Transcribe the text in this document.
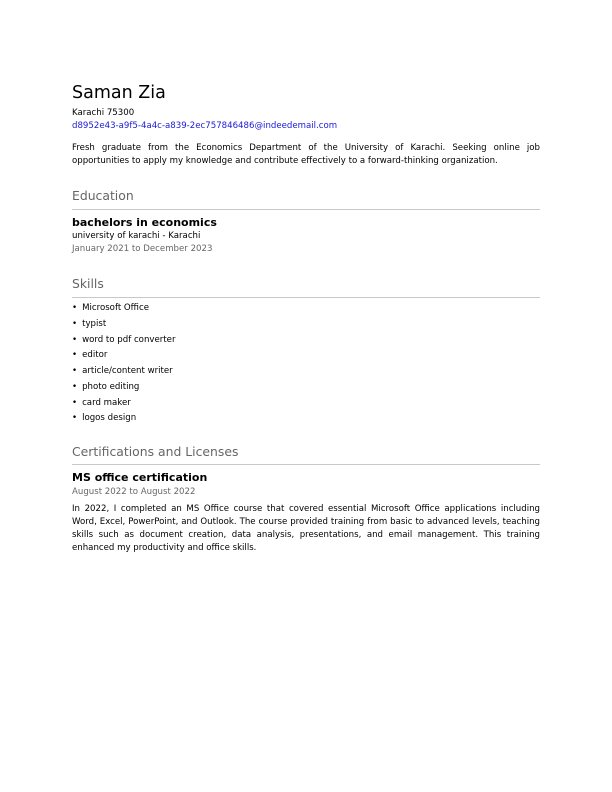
Saman Zia
Karachi 75300
d8952e43-a9f5-4a4c-a839-2ec757846486@indeedemail.com
Fresh graduate from the Economics Department of the University of Karachi. Seeking online job opportunities to apply my knowledge and contribute effectively to a forward-thinking organization.
Education
bachelors in economics
university of karachi - Karachi
January 2021 to December 2023
Skills
• Microsoft Office
• typist
• word to pdf converter
• editor
• article/content writer
• photo editing
• card maker
• logos design
Certifications and Licenses
MS office certification
August 2022 to August 2022
In 2022, I completed an MS Office course that covered essential Microsoft Office applications including Word, Excel, PowerPoint, and Outlook. The course provided training from basic to advanced levels, teaching skills such as document creation, data analysis, presentations, and email management. This training enhanced my productivity and office skills.
